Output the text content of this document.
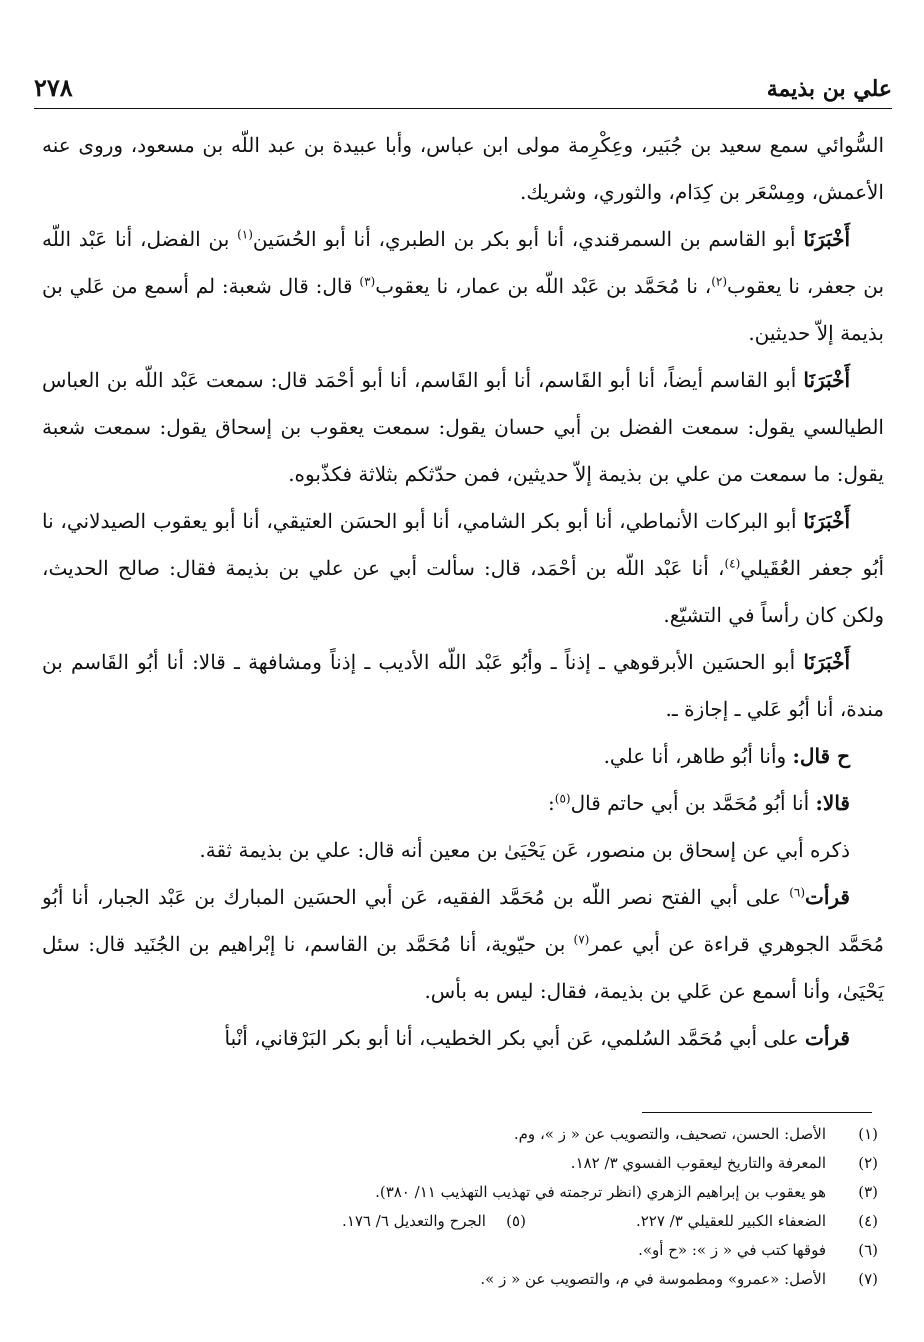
علي بن بذيمة
٢٧٨

السُّوائي سمع سعيد بن جُبَير، وعِكْرِمة مولى ابن عباس، وأبا عبيدة بن عبد اللّه بن مسعود، وروى عنه الأعمش، ومِسْعَر بن كِدَام، والثوري، وشريك.

أَخْبَرَنَا أبو القاسم بن السمرقندي، أنا أبو بكر بن الطبري، أنا أبو الحُسَين$^{(١)}$ بن الفضل، أنا عَبْد اللّه بن جعفر، نا يعقوب$^{(٢)}$، نا مُحَمَّد بن عَبْد اللّه بن عمار، نا يعقوب$^{(٣)}$ قال: قال شعبة: لم أسمع من عَلي بن بذيمة إلاّ حديثين.

أَخْبَرَنَا أبو القاسم أيضاً، أنا أبو القَاسم، أنا أبو القَاسم، أنا أبو أحْمَد قال: سمعت عَبْد اللّه بن العباس الطيالسي يقول: سمعت الفضل بن أبي حسان يقول: سمعت يعقوب بن إسحاق يقول: سمعت شعبة يقول: ما سمعت من علي بن بذيمة إلاّ حديثين، فمن حدّثكم بثلاثة فكذّبوه.

أَخْبَرَنَا أبو البركات الأنماطي، أنا أبو بكر الشامي، أنا أبو الحسَن العتيقي، أنا أبو يعقوب الصيدلاني، نا أبُو جعفر العُقَيلي$^{(٤)}$، أنا عَبْد اللّه بن أحْمَد، قال: سألت أبي عن علي بن بذيمة فقال: صالح الحديث، ولكن كان رأساً في التشيّع.

أَخْبَرَنَا أبو الحسَين الأبرقوهي ـ إذناً ـ وأبُو عَبْد اللّه الأديب ـ إذناً ومشافهة ـ قالا: أنا أبُو القَاسم بن مندة، أنا أبُو عَلي ـ إجازة ـ.

ح قال: وأنا أبُو طاهر، أنا علي.

قالا: أنا أبُو مُحَمَّد بن أبي حاتم قال$^{(٥)}$:

ذكره أبي عن إسحاق بن منصور، عَن يَحْيَىٰ بن معين أنه قال: علي بن بذيمة ثقة.

قرأت$^{(٦)}$ على أبي الفتح نصر اللّه بن مُحَمَّد الفقيه، عَن أبي الحسَين المبارك بن عَبْد الجبار، أنا أبُو مُحَمَّد الجوهري قراءة عن أبي عمر$^{(٧)}$ بن حيّوية، أنا مُحَمَّد بن القاسم، نا إبْراهيم بن الجُنَيد قال: سئل يَحْيَىٰ، وأنا أسمع عن عَلي بن بذيمة، فقال: ليس به بأس.

قرأت على أبي مُحَمَّد السُلمي، عَن أبي بكر الخطيب، أنا أبو بكر البَرْقاني، أنْبأ

(١)
الأصل: الحسن، تصحيف، والتصويب عن « ز »، وم.
(٢)
المعرفة والتاريخ ليعقوب الفسوي ٣/ ١٨٢.
(٣)
هو يعقوب بن إبراهيم الزهري (انظر ترجمته في تهذيب التهذيب ١١/ ٣٨٠).
(٤)
الضعفاء الكبير للعقيلي ٣/ ٢٢٧.
(٥)
الجرح والتعديل ٦/ ١٧٦.
(٦)
فوقها كتب في « ز »: «ح أو».
(٧)
الأصل: «عمرو» ومطموسة في م، والتصويب عن « ز ».
